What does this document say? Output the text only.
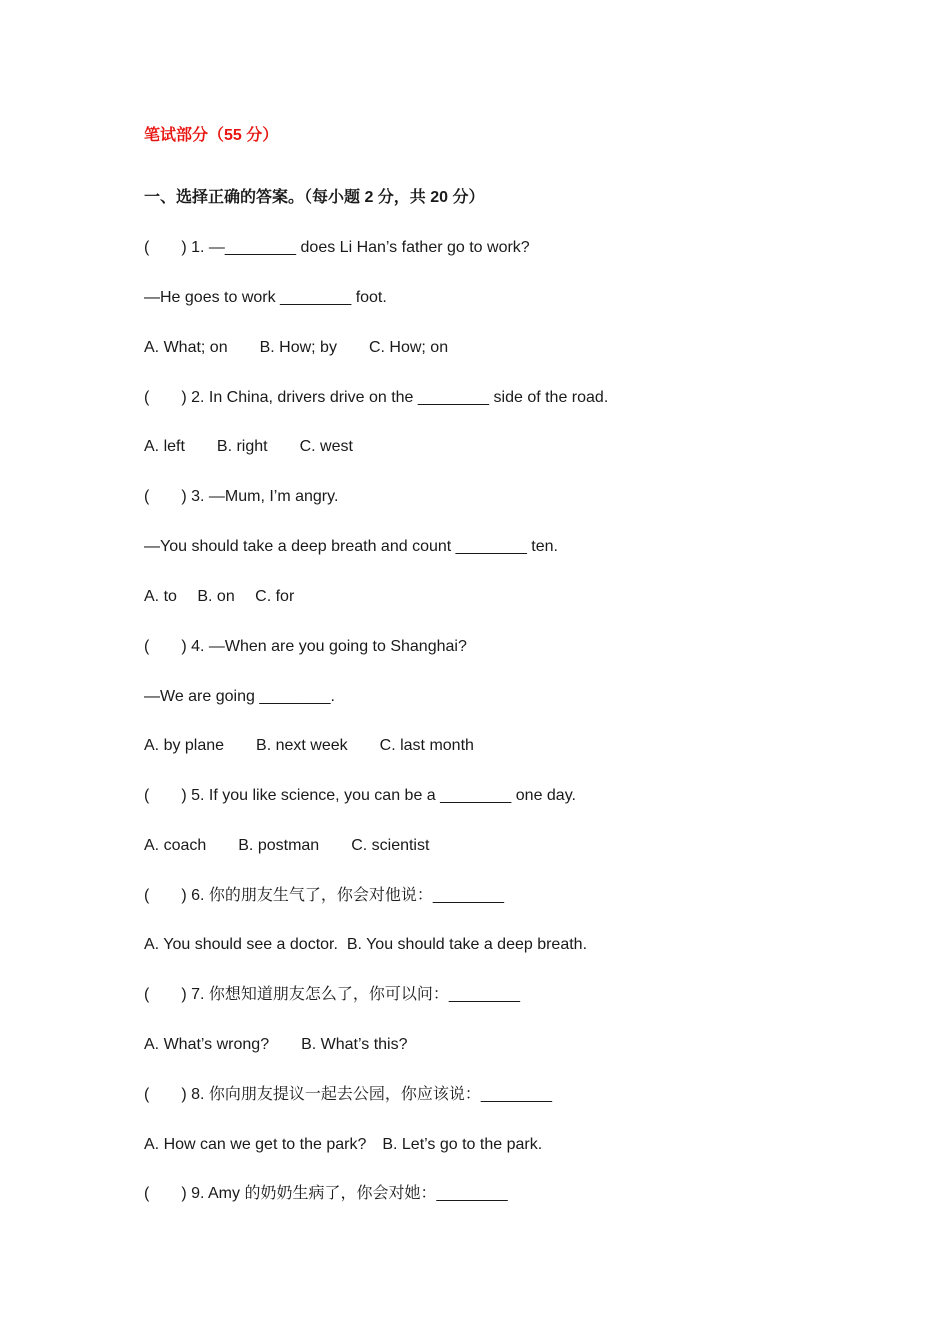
笔试部分（55 分）
一、选择正确的答案。（每小题 2 分，共 20 分）
(　　) 1. —________ does Li Han’s father go to work?
—He goes to work ________ foot.
A. What; on　　B. How; by　　C. How; on
(　　) 2. In China, drivers drive on the ________ side of the road.
A. left　　B. right　　C. west
(　　) 3. —Mum, I’m angry.
—You should take a deep breath and count ________ ten.
A. to　 B. on　 C. for
(　　) 4. —When are you going to Shanghai?
—We are going ________.
A. by plane　　B. next week　　C. last month
(　　) 5. If you like science, you can be a ________ one day.
A. coach　　B. postman　　C. scientist
(　　) 6. 你的朋友生气了，你会对他说：________
A. You should see a doctor.  B. You should take a deep breath.
(　　) 7. 你想知道朋友怎么了，你可以问：________
A. What’s wrong?　　B. What’s this?
(　　) 8. 你向朋友提议一起去公园，你应该说：________
A. How can we get to the park?　B. Let’s go to the park.
(　　) 9. Amy 的奶奶生病了，你会对她：________
